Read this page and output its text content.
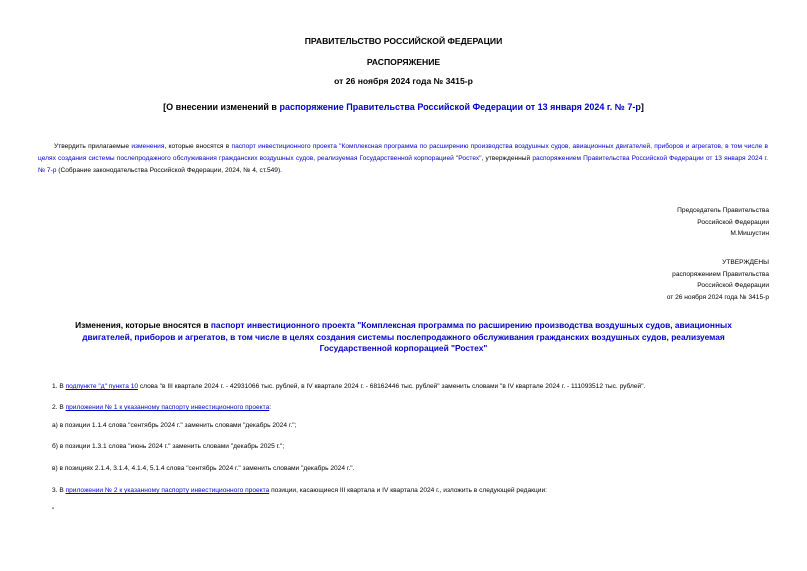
ПРАВИТЕЛЬСТВО РОССИЙСКОЙ ФЕДЕРАЦИИ
РАСПОРЯЖЕНИЕ
от 26 ноября 2024 года № 3415-р
[О внесении изменений в распоряжение Правительства Российской Федерации от 13 января 2024 г. № 7-р]
Утвердить прилагаемые изменения, которые вносятся в паспорт инвестиционного проекта "Комплексная программа по расширению производства воздушных судов, авиационных двигателей, приборов и агрегатов, в том числе в целях создания системы послепродажного обслуживания гражданских воздушных судов, реализуемая Государственной корпорацией "Ростех", утвержденный распоряжением Правительства Российской Федерации от 13 января 2024 г. № 7-р (Собрание законодательства Российской Федерации, 2024, № 4, ст.549).
Председатель Правительства
Российской Федерации
М.Мишустин
УТВЕРЖДЕНЫ
распоряжением Правительства
Российской Федерации
от 26 ноября 2024 года № 3415-р
Изменения, которые вносятся в паспорт инвестиционного проекта "Комплексная программа по расширению производства воздушных судов, авиационных двигателей, приборов и агрегатов, в том числе в целях создания системы послепродажного обслуживания гражданских воздушных судов, реализуемая Государственной корпорацией "Ростех"
1. В подпункте "д" пункта 10 слова "в III квартале 2024 г. - 42931066 тыс. рублей, в IV квартале 2024 г. - 68162446 тыс. рублей" заменить словами "в IV квартале 2024 г. - 111093512 тыс. рублей".
2. В приложении № 1 к указанному паспорту инвестиционного проекта:
а) в позиции 1.1.4 слова "сентябрь 2024 г." заменить словами "декабрь 2024 г.";
б) в позиции 1.3.1 слова "июнь 2024 г." заменить словами "декабрь 2025 г.";
в) в позициях 2.1.4, 3.1.4, 4.1.4, 5.1.4 слова "сентябрь 2024 г." заменить словами "декабрь 2024 г.".
3. В приложении № 2 к указанному паспорту инвестиционного проекта позиции, касающиеся III квартала и IV квартала 2024 г., изложить в следующей редакции:
"
